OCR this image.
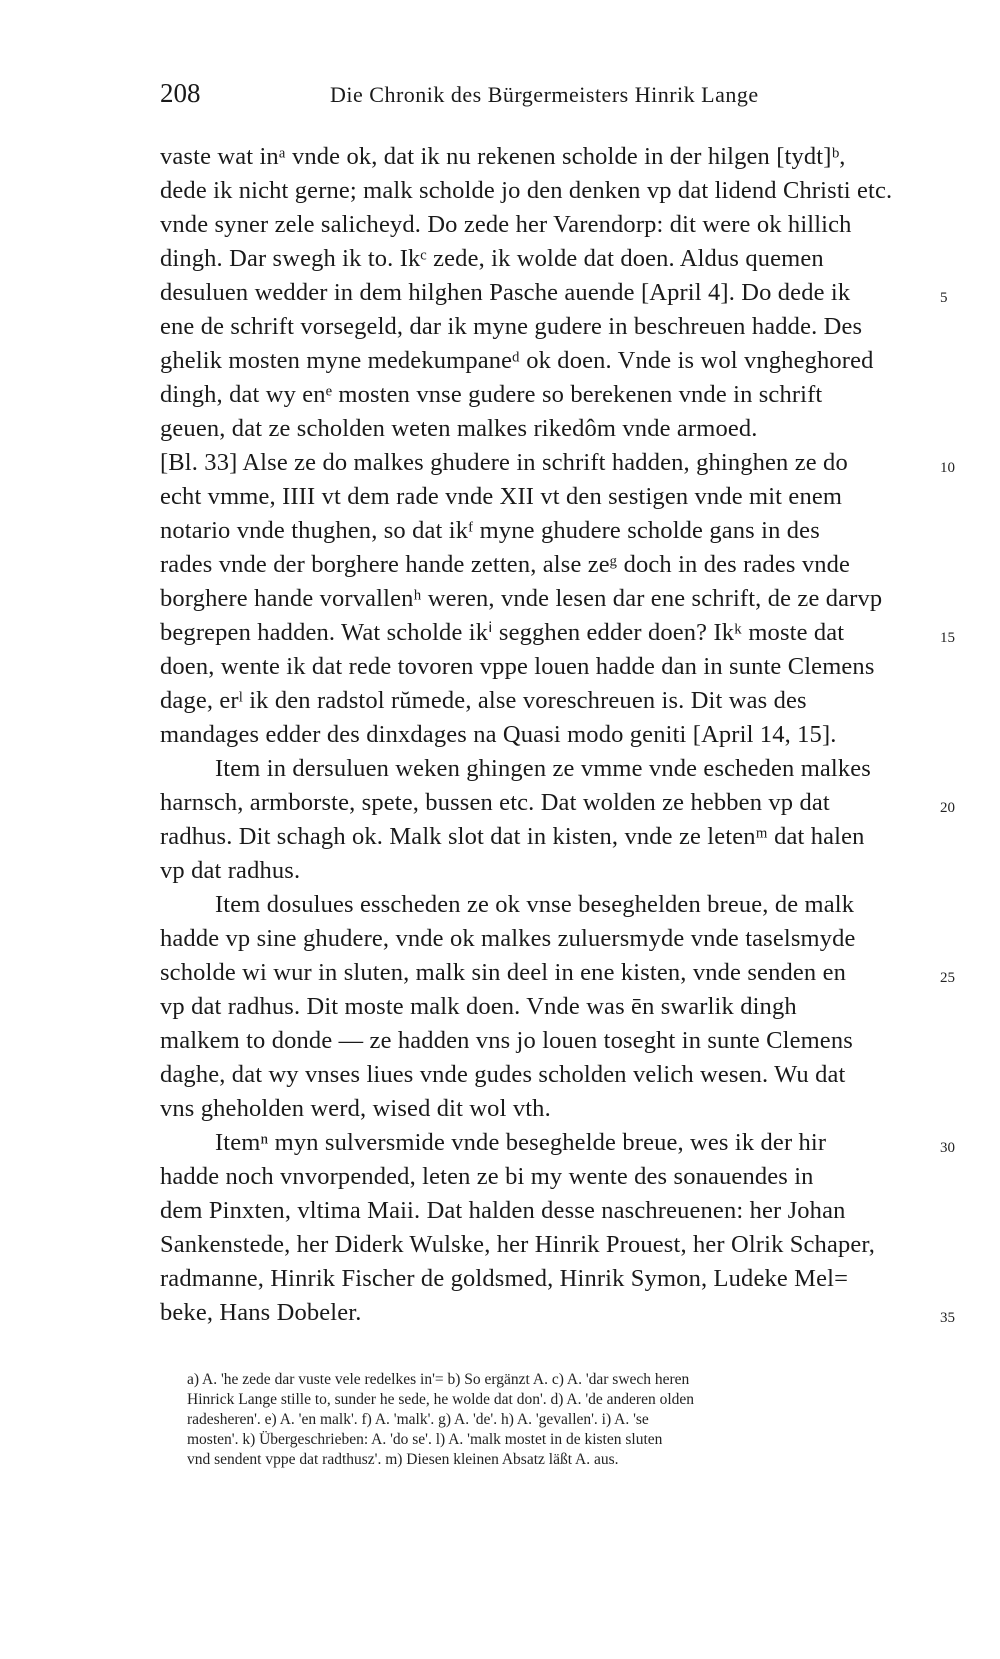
208	Die Chronik des Bürgermeisters Hinrik Lange
vaste wat inᵃ vnde ok, dat ik nu rekenen scholde in der hilgen [tydt]ᵇ,
dede ik nicht gerne; malk scholde jo den denken vp dat lidend Christi etc.
vnde syner zele salicheyd. Do zede her Varendorp: dit were ok hillich
dingh. Dar swegh ik to. Ikᶜ zede, ik wolde dat doen. Aldus quemen
desuluen wedder in dem hilghen Pasche auende [April 4]. Do dede ik
ene de schrift vorsegeld, dar ik myne gudere in beschreuen hadde. Des
ghelik mosten myne medekumpaneᵈ ok doen. Vnde is wol vngheghored
dingh, dat wy enᵉ mosten vnse gudere so berekenen vnde in schrift
geuen, dat ze scholden weten malkes rikedôm vnde armoed.
[Bl. 33] Alse ze do malkes ghudere in schrift hadden, ghinghen ze do
echt vmme, IIII vt dem rade vnde XII vt den sestigen vnde mit enem
notario vnde thughen, so dat ikᶠ myne ghudere scholde gans in des
rades vnde der borghere hande zetten, alse zeᵍ doch in des rades vnde
borghere hande vorvallenʰ weren, vnde lesen dar ene schrift, de ze darvp
begrepen hadden. Wat scholde ikⁱ segghen edder doen? Ikᵏ moste dat
doen, wente ik dat rede tovoren vppe louen hadde dan in sunte Clemens
dage, erˡ ik den radstol rŭmede, alse voreschreuen is. Dit was des
mandages edder des dinxdages na Quasi modo geniti [April 14, 15].
Item in dersuluen weken ghingen ze vmme vnde escheden malkes
harnsch, armborste, spete, bussen etc. Dat wolden ze hebben vp dat
radhus. Dit schagh ok. Malk slot dat in kisten, vnde ze letenᵐ dat halen
vp dat radhus.
Item dosulues esscheden ze ok vnse beseghelden breue, de malk
hadde vp sine ghudere, vnde ok malkes zuluersmyde vnde taselsmyde
scholde wi wur in sluten, malk sin deel in ene kisten, vnde senden en
vp dat radhus. Dit moste malk doen. Vnde was ēn swarlik dingh
malkem to donde — ze hadden vns jo louen toseght in sunte Clemens
daghe, dat wy vnses liues vnde gudes scholden velich wesen. Wu dat
vns gheholden werd, wised dit wol vth.
Itemⁿ myn sulversmide vnde beseghelde breue, wes ik der hir
hadde noch vnvorpended, leten ze bi my wente des sonauendes in
dem Pinxten, vltima Maii. Dat halden desse naschreuenen: her Johan
Sankenstede, her Diderk Wulske, her Hinrik Prouest, her Olrik Schaper,
radmanne, Hinrik Fischer de goldsmed, Hinrik Symon, Ludeke Mel=
beke, Hans Dobeler.
5
10
15
20
25
30
35
a) A. 'he zede dar vuste vele redelkes in'= b) So ergänzt A. c) A. 'dar swech heren
Hinrick Lange stille to, sunder he sede, he wolde dat don'. d) A. 'de anderen olden
radesheren'. e) A. 'en malk'. f) A. 'malk'. g) A. 'de'. h) A. 'gevallen'. i) A. 'se
mosten'. k) Übergeschrieben: A. 'do se'. l) A. 'malk mostet in de kisten sluten
vnd sendent vppe dat radthusz'. m) Diesen kleinen Absatz läßt A. aus.
